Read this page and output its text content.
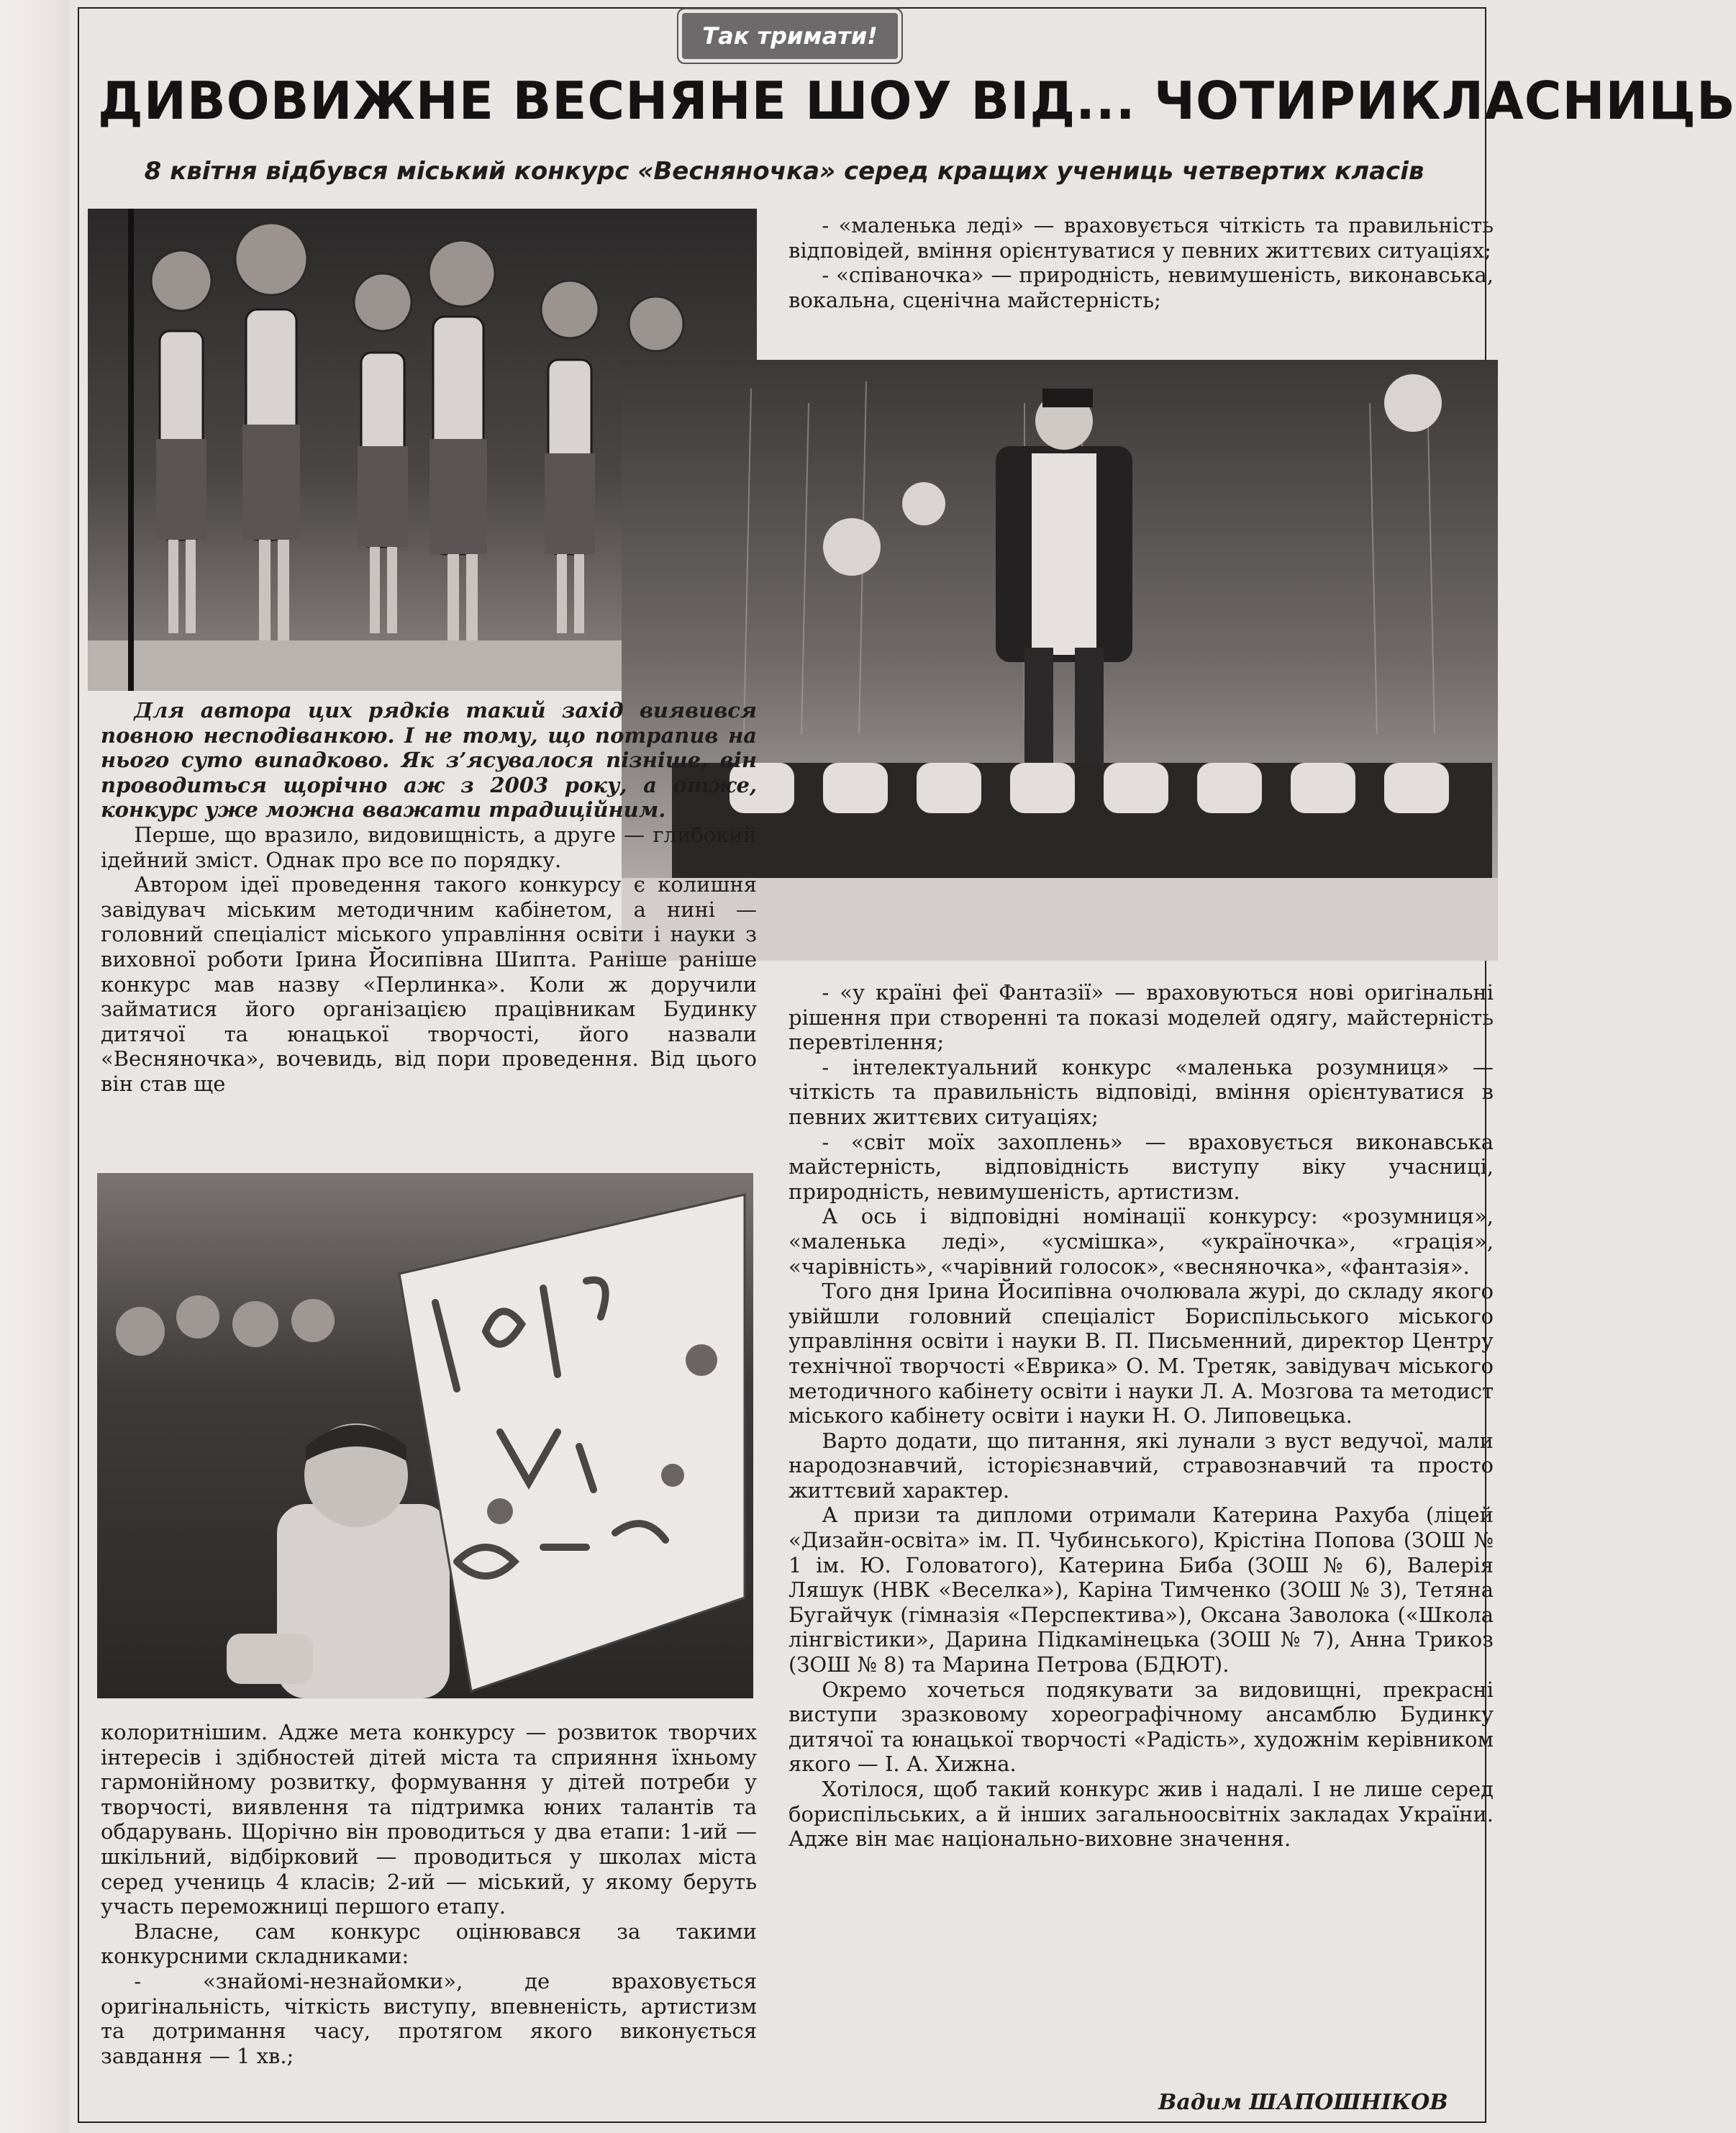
Так тримати!
ДИВОВИЖНЕ ВЕСНЯНЕ ШОУ ВІД... ЧОТИРИКЛАСНИЦЬ
8 квітня відбувся міський конкурс «Весняночка» серед кращих учениць четвертих класів

Для автора цих рядків такий захід виявився повною несподіванкою. І не тому, що потрапив на нього суто випадково. Як з’ясувалося пізніше, він проводиться щорічно аж з 2003 року, а отже, конкурс уже можна вважати традиційним.

Перше, що вразило, видовищність, а друге — глибокий ідейний зміст. Однак про все по порядку.

Автором ідеї проведення такого конкурсу є колишня завідувач міським методичним кабінетом, а нині — головний спеціаліст міського управління освіти і науки з виховної роботи Ірина Йосипівна Шипта. Раніше раніше конкурс мав назву «Перлинка». Коли ж доручили займатися його організацією працівникам Будинку дитячої та юнацької творчості, його назвали «Весняночка», вочевидь, від пори проведення. Від цього він став ще

колоритнішим. Адже мета конкурсу — розвиток творчих інтересів і здібностей дітей міста та сприяння їхньому гармонійному розвитку, формування у дітей потреби у творчості, виявлення та підтримка юних талантів та обдарувань. Щорічно він проводиться у два етапи: 1-ий — шкільний, відбірковий — проводиться у школах міста серед учениць 4 класів; 2-ий — міський, у якому беруть участь переможниці першого етапу.

Власне, сам конкурс оцінювався за такими конкурсними складниками:

- «знайомі-незнайомки», де враховується оригінальність, чіткість виступу, впевненість, артистизм та дотримання часу, протягом якого виконується завдання — 1 хв.;

- «маленька леді» — враховується чіткість та правильність відповідей, вміння орієнтуватися у певних життєвих ситуаціях;

- «співаночка» — природність, невимушеність, виконавська, вокальна, сценічна майстерність;

- «у країні феї Фантазії» — враховуються нові оригінальні рішення при створенні та показі моделей одягу, майстерність перевтілення;

- інтелектуальний конкурс «маленька розумниця» — чіткість та правильність відповіді, вміння орієнтуватися в певних життєвих ситуаціях;

- «світ моїх захоплень» — враховується виконавська майстерність, відповідність виступу віку учасниці, природність, невимушеність, артистизм.

А ось і відповідні номінації конкурсу: «розумниця», «маленька леді», «усмішка», «україночка», «грація», «чарівність», «чарівний голосок», «весняночка», «фантазія».

Того дня Ірина Йосипівна очолювала журі, до складу якого увійшли головний спеціаліст Бориспільського міського управління освіти і науки В. П. Письменний, директор Центру технічної творчості «Еврика» О. М. Третяк, завідувач міського методичного кабінету освіти і науки Л. А. Мозгова та методист міського кабінету освіти і науки Н. О. Липовецька.

Варто додати, що питання, які лунали з вуст ведучої, мали народознавчий, історієзнавчий, стравознавчий та просто життєвий характер.

А призи та дипломи отримали Катерина Рахуба (ліцей «Дизайн-освіта» ім. П. Чубинського), Крістіна Попова (ЗОШ № 1 ім. Ю. Головатого), Катерина Биба (ЗОШ № 6), Валерія Ляшук (НВК «Веселка»), Каріна Тимченко (ЗОШ № 3), Тетяна Бугайчук (гімназія «Перспектива»), Оксана Заволока («Школа лінгвістики», Дарина Підкамінецька (ЗОШ № 7), Анна Трикоз (ЗОШ № 8) та Марина Петрова (БДЮТ).

Окремо хочеться подякувати за видовищні, прекрасні виступи зразковому хореографічному ансамблю Будинку дитячої та юнацької творчості «Радість», художнім керівником якого — І. А. Хижна.

Хотілося, щоб такий конкурс жив і надалі. І не лише серед бориспільських, а й інших загальноосвітніх закладах України. Адже він має національно-виховне значення.

Вадим ШАПОШНІКОВ
